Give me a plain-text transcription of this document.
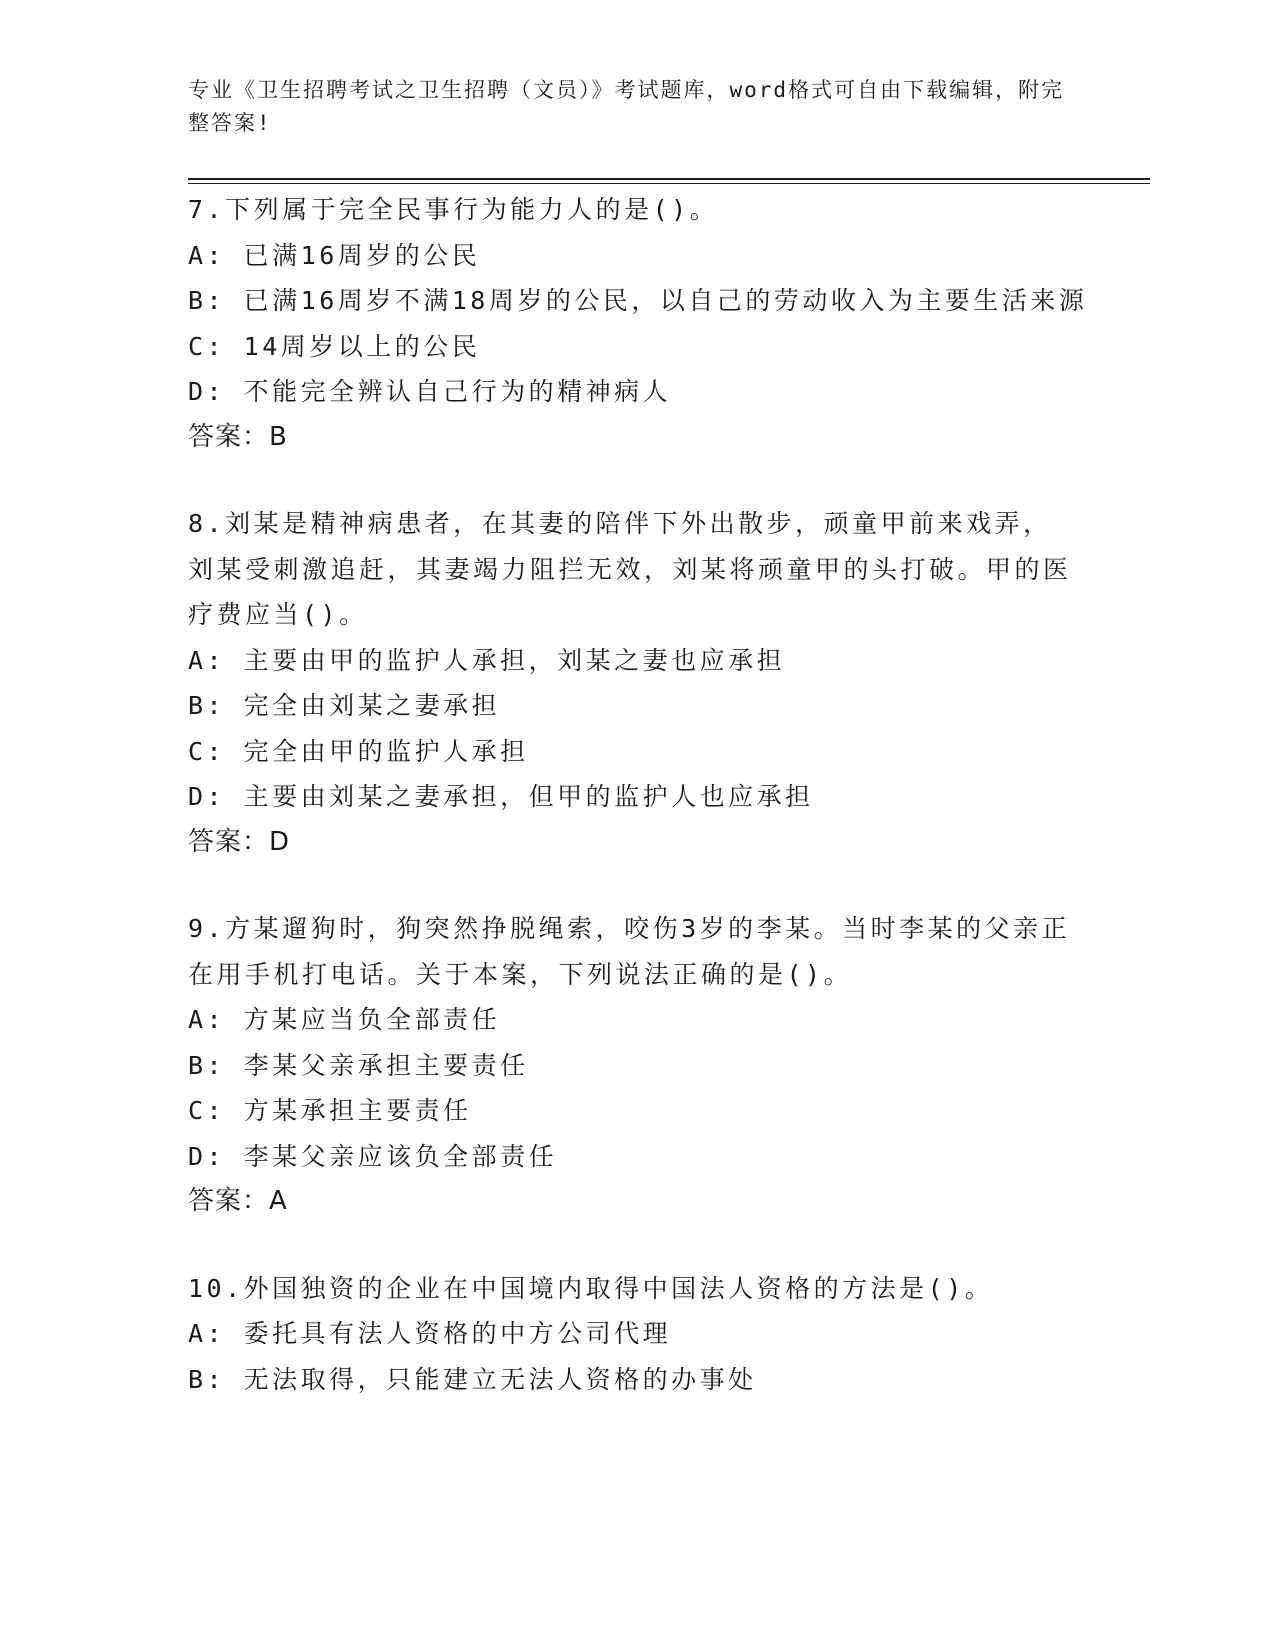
专业《卫生招聘考试之卫生招聘（文员）》考试题库，word格式可自由下载编辑，附完整答案!
7.下列属于完全民事行为能力人的是()。
A: 已满16周岁的公民
B: 已满16周岁不满18周岁的公民，以自己的劳动收入为主要生活来源
C: 14周岁以上的公民
D: 不能完全辨认自己行为的精神病人
答案：B
8.刘某是精神病患者，在其妻的陪伴下外出散步，顽童甲前来戏弄，刘某受刺激追赶，其妻竭力阻拦无效，刘某将顽童甲的头打破。甲的医疗费应当()。
A: 主要由甲的监护人承担，刘某之妻也应承担
B: 完全由刘某之妻承担
C: 完全由甲的监护人承担
D: 主要由刘某之妻承担，但甲的监护人也应承担
答案：D
9.方某遛狗时，狗突然挣脱绳索，咬伤3岁的李某。当时李某的父亲正在用手机打电话。关于本案，下列说法正确的是()。
A: 方某应当负全部责任
B: 李某父亲承担主要责任
C: 方某承担主要责任
D: 李某父亲应该负全部责任
答案：A
10.外国独资的企业在中国境内取得中国法人资格的方法是()。
A: 委托具有法人资格的中方公司代理
B: 无法取得，只能建立无法人资格的办事处
